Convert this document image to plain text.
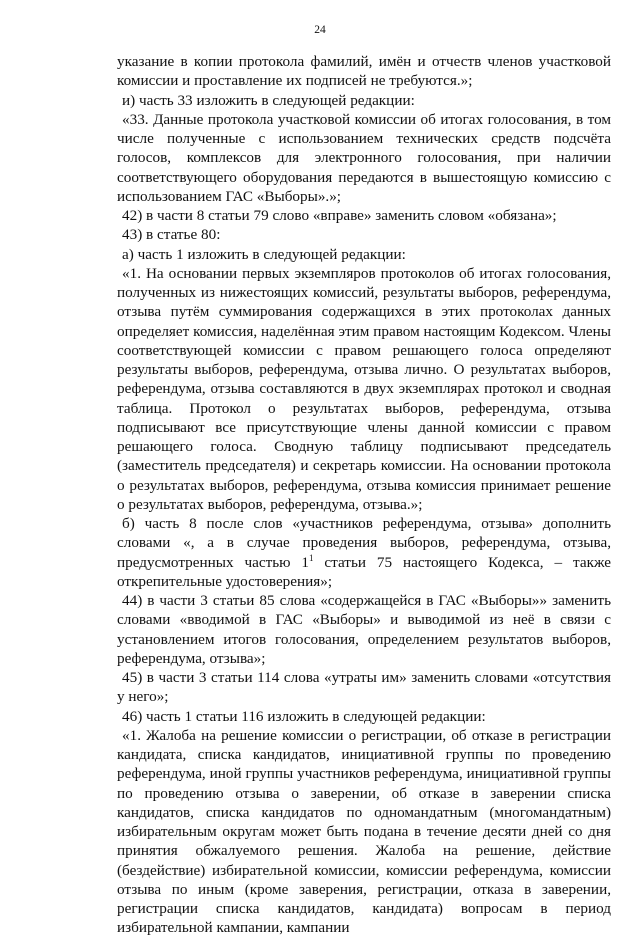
24

указание в копии протокола фамилий, имён и отчеств членов участковой комиссии и проставление их подписей не требуются.»;

и) часть 33 изложить в следующей редакции:

«33. Данные протокола участковой комиссии об итогах голосования, в том числе полученные с использованием технических средств подсчёта голосов, комплексов для электронного голосования, при наличии соответствующего оборудования передаются в вышестоящую комиссию с использованием ГАС «Выборы».»;

42) в части 8 статьи 79 слово «вправе» заменить словом «обязана»;

43) в статье 80:

а) часть 1 изложить в следующей редакции:

«1. На основании первых экземпляров протоколов об итогах голосования, полученных из нижестоящих комиссий, результаты выборов, референдума, отзыва путём суммирования содержащихся в этих протоколах данных определяет комиссия, наделённая этим правом настоящим Кодексом. Члены соответствующей комиссии с правом решающего голоса определяют результаты выборов, референдума, отзыва лично. О результатах выборов, референдума, отзыва составляются в двух экземплярах протокол и сводная таблица. Протокол о результатах выборов, референдума, отзыва подписывают все присутствующие члены данной комиссии с правом решающего голоса. Сводную таблицу подписывают председатель (заместитель председателя) и секретарь комиссии. На основании протокола о результатах выборов, референдума, отзыва комиссия принимает решение о результатах выборов, референдума, отзыва.»;

б) часть 8 после слов «участников референдума, отзыва» дополнить словами «, а в случае проведения выборов, референдума, отзыва, предусмотренных частью $1^1$ статьи 75 настоящего Кодекса, – также открепительные удостоверения»;

44) в части 3 статьи 85 слова «содержащейся в ГАС «Выборы»» заменить словами «вводимой в ГАС «Выборы» и выводимой из неё в связи с установлением итогов голосования, определением результатов выборов, референдума, отзыва»;

45) в части 3 статьи 114 слова «утраты им» заменить словами «отсутствия у него»;

46) часть 1 статьи 116 изложить в следующей редакции:

«1. Жалоба на решение комиссии о регистрации, об отказе в регистрации кандидата, списка кандидатов, инициативной группы по проведению референдума, иной группы участников референдума, инициативной группы по проведению отзыва о заверении, об отказе в заверении списка кандидатов, списка кандидатов по одномандатным (многомандатным) избирательным округам может быть подана в течение десяти дней со дня принятия обжалуемого решения. Жалоба на решение, действие (бездействие) избирательной комиссии, комиссии референдума, комиссии отзыва по иным (кроме заверения, регистрации, отказа в заверении, регистрации списка кандидатов, кандидата) вопросам в период избирательной кампании, кампании
